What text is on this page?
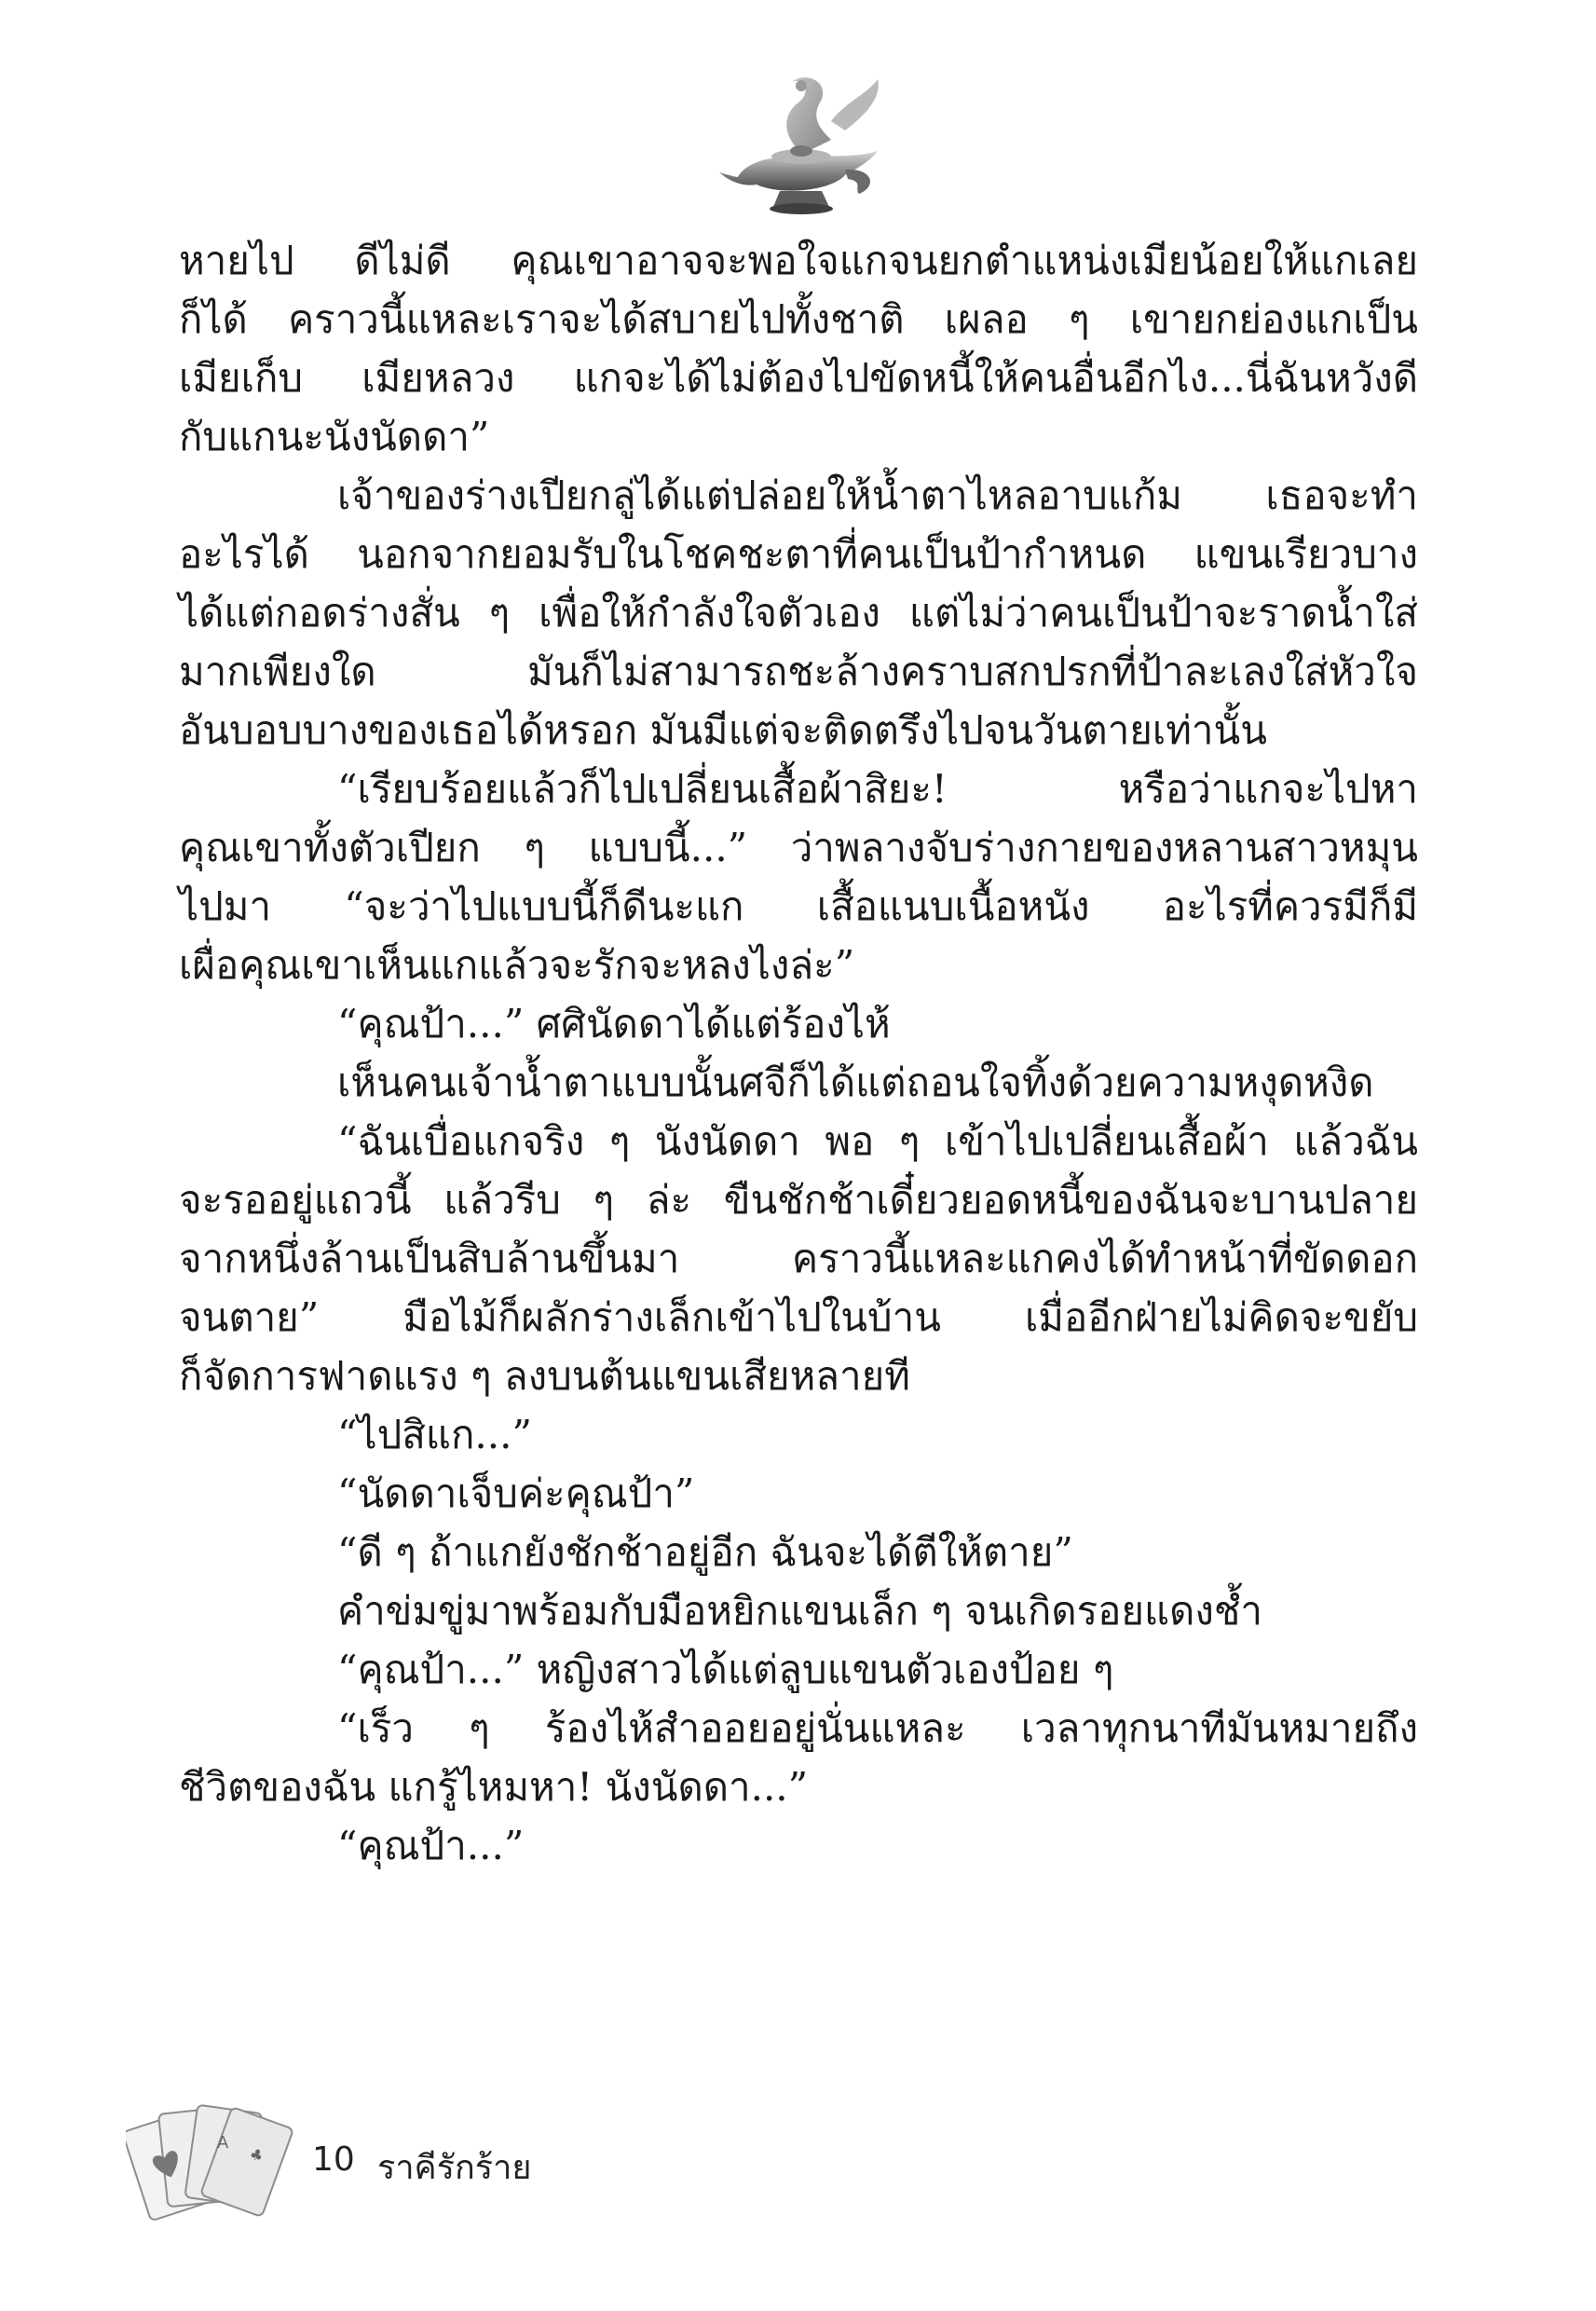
หายไป ดีไม่ดี คุณเขาอาจจะพอใจแกจนยกตำแหน่งเมียน้อยให้แกเลย
ก็ได้ คราวนี้แหละเราจะได้สบายไปทั้งชาติ เผลอ ๆ เขายกย่องแกเป็น
เมียเก็บ เมียหลวง แกจะได้ไม่ต้องไปขัดหนี้ให้คนอื่นอีกไง...นี่ฉันหวังดี
กับแกนะนังนัดดา”
เจ้าของร่างเปียกลู่ได้แต่ปล่อยให้น้ำตาไหลอาบแก้ม เธอจะทำ
อะไรได้ นอกจากยอมรับในโชคชะตาที่คนเป็นป้ากำหนด แขนเรียวบาง
ได้แต่กอดร่างสั่น ๆ เพื่อให้กำลังใจตัวเอง แต่ไม่ว่าคนเป็นป้าจะราดน้ำใส่
มากเพียงใด มันก็ไม่สามารถชะล้างคราบสกปรกที่ป้าละเลงใส่หัวใจ
อันบอบบางของเธอได้หรอก มันมีแต่จะติดตรึงไปจนวันตายเท่านั้น
“เรียบร้อยแล้วก็ไปเปลี่ยนเสื้อผ้าสิยะ! หรือว่าแกจะไปหา
คุณเขาทั้งตัวเปียก ๆ แบบนี้...” ว่าพลางจับร่างกายของหลานสาวหมุน
ไปมา “จะว่าไปแบบนี้ก็ดีนะแก เสื้อแนบเนื้อหนัง อะไรที่ควรมีก็มี
เผื่อคุณเขาเห็นแกแล้วจะรักจะหลงไงล่ะ”
“คุณป้า...” ศศินัดดาได้แต่ร้องไห้
เห็นคนเจ้าน้ำตาแบบนั้นศจีก็ได้แต่ถอนใจทิ้งด้วยความหงุดหงิด
“ฉันเบื่อแกจริง ๆ นังนัดดา พอ ๆ เข้าไปเปลี่ยนเสื้อผ้า แล้วฉัน
จะรออยู่แถวนี้ แล้วรีบ ๆ ล่ะ ขืนชักช้าเดี๋ยวยอดหนี้ของฉันจะบานปลาย
จากหนึ่งล้านเป็นสิบล้านขึ้นมา คราวนี้แหละแกคงได้ทำหน้าที่ขัดดอก
จนตาย” มือไม้ก็ผลักร่างเล็กเข้าไปในบ้าน เมื่ออีกฝ่ายไม่คิดจะขยับ
ก็จัดการฟาดแรง ๆ ลงบนต้นแขนเสียหลายที
“ไปสิแก...”
“นัดดาเจ็บค่ะคุณป้า”
“ดี ๆ ถ้าแกยังชักช้าอยู่อีก ฉันจะได้ตีให้ตาย”
คำข่มขู่มาพร้อมกับมือหยิกแขนเล็ก ๆ จนเกิดรอยแดงช้ำ
“คุณป้า...” หญิงสาวได้แต่ลูบแขนตัวเองป้อย ๆ
“เร็ว ๆ ร้องไห้สำออยอยู่นั่นแหละ เวลาทุกนาทีมันหมายถึง
ชีวิตของฉัน แกรู้ไหมหา! นังนัดดา...”
“คุณป้า...”
A
♣ 10 ราคีรักร้าย
